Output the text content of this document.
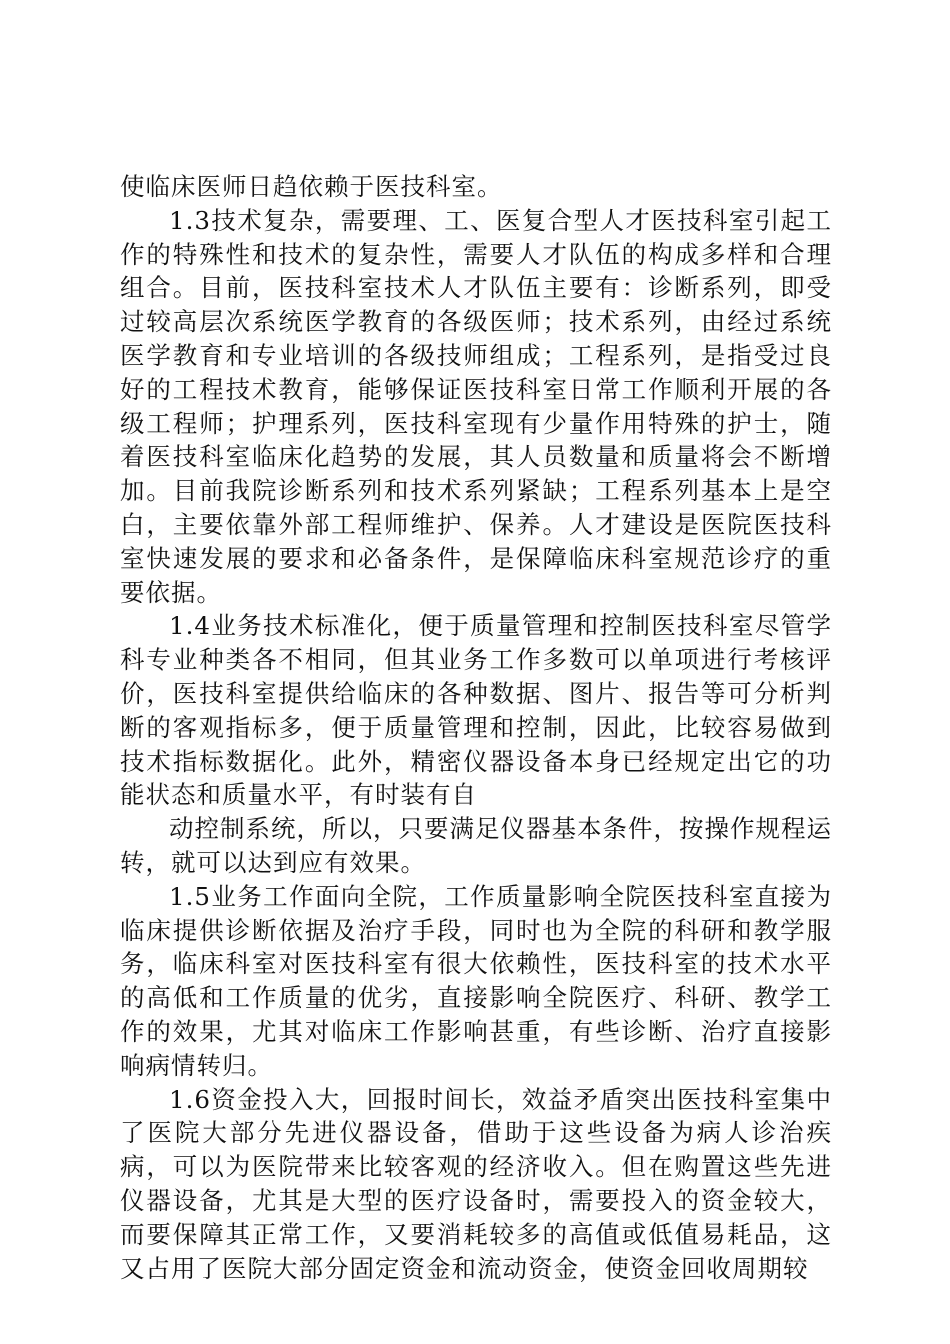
使临床医师日趋依赖于医技科室。

1.3技术复杂，需要理、工、医复合型人才医技科室引起工作的特殊性和技术的复杂性，需要人才队伍的构成多样和合理组合。目前，医技科室技术人才队伍主要有：诊断系列，即受过较高层次系统医学教育的各级医师；技术系列，由经过系统医学教育和专业培训的各级技师组成；工程系列，是指受过良好的工程技术教育，能够保证医技科室日常工作顺利开展的各级工程师；护理系列，医技科室现有少量作用特殊的护士，随着医技科室临床化趋势的发展，其人员数量和质量将会不断增加。目前我院诊断系列和技术系列紧缺；工程系列基本上是空白，主要依靠外部工程师维护、保养。人才建设是医院医技科室快速发展的要求和必备条件，是保障临床科室规范诊疗的重要依据。

1.4业务技术标准化，便于质量管理和控制医技科室尽管学科专业种类各不相同，但其业务工作多数可以单项进行考核评价，医技科室提供给临床的各种数据、图片、报告等可分析判断的客观指标多，便于质量管理和控制，因此，比较容易做到技术指标数据化。此外，精密仪器设备本身已经规定出它的功能状态和质量水平，有时装有自

动控制系统，所以，只要满足仪器基本条件，按操作规程运转，就可以达到应有效果。

1.5业务工作面向全院，工作质量影响全院医技科室直接为临床提供诊断依据及治疗手段，同时也为全院的科研和教学服务，临床科室对医技科室有很大依赖性，医技科室的技术水平的高低和工作质量的优劣，直接影响全院医疗、科研、教学工作的效果，尤其对临床工作影响甚重，有些诊断、治疗直接影响病情转归。

1.6资金投入大，回报时间长，效益矛盾突出医技科室集中了医院大部分先进仪器设备，借助于这些设备为病人诊治疾病，可以为医院带来比较客观的经济收入。但在购置这些先进仪器设备，尤其是大型的医疗设备时，需要投入的资金较大，而要保障其正常工作，又要消耗较多的高值或低值易耗品，这又占用了医院大部分固定资金和流动资金，使资金回收周期较
